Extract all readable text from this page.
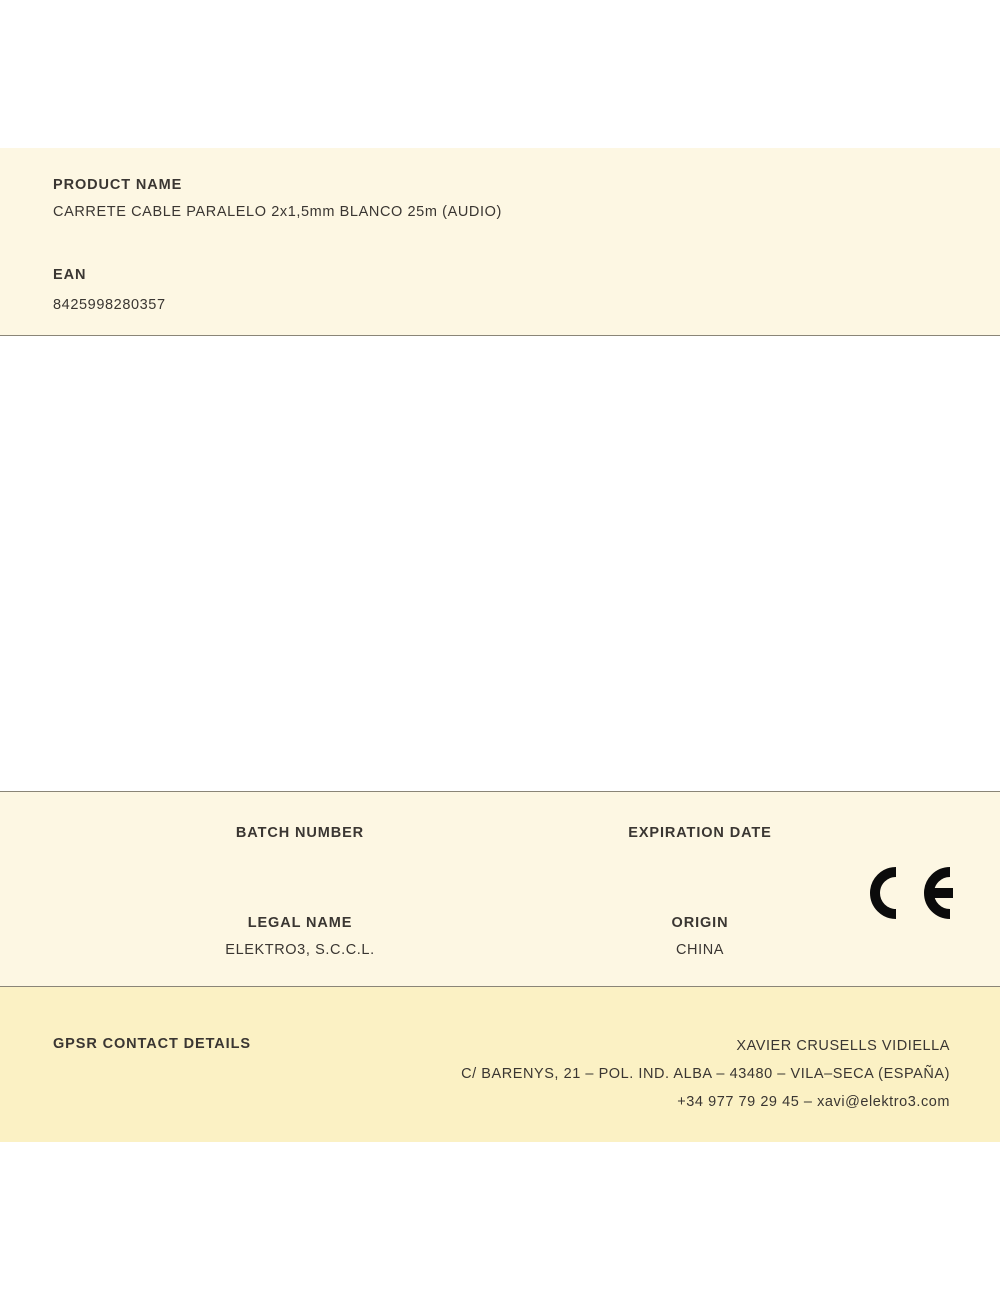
PRODUCT NAME
CARRETE CABLE PARALELO 2x1,5mm BLANCO 25m (AUDIO)
EAN
8425998280357
BATCH NUMBER	EXPIRATION DATE
LEGAL NAME
ELEKTRO3, S.C.C.L.
ORIGIN
CHINA
GPSR CONTACT DETAILS	XAVIER CRUSELLS VIDIELLA
C/ BARENYS, 21 – POL. IND. ALBA – 43480 – VILA–SECA (ESPAÑA)
+34 977 79 29 45 – xavi@elektro3.com
